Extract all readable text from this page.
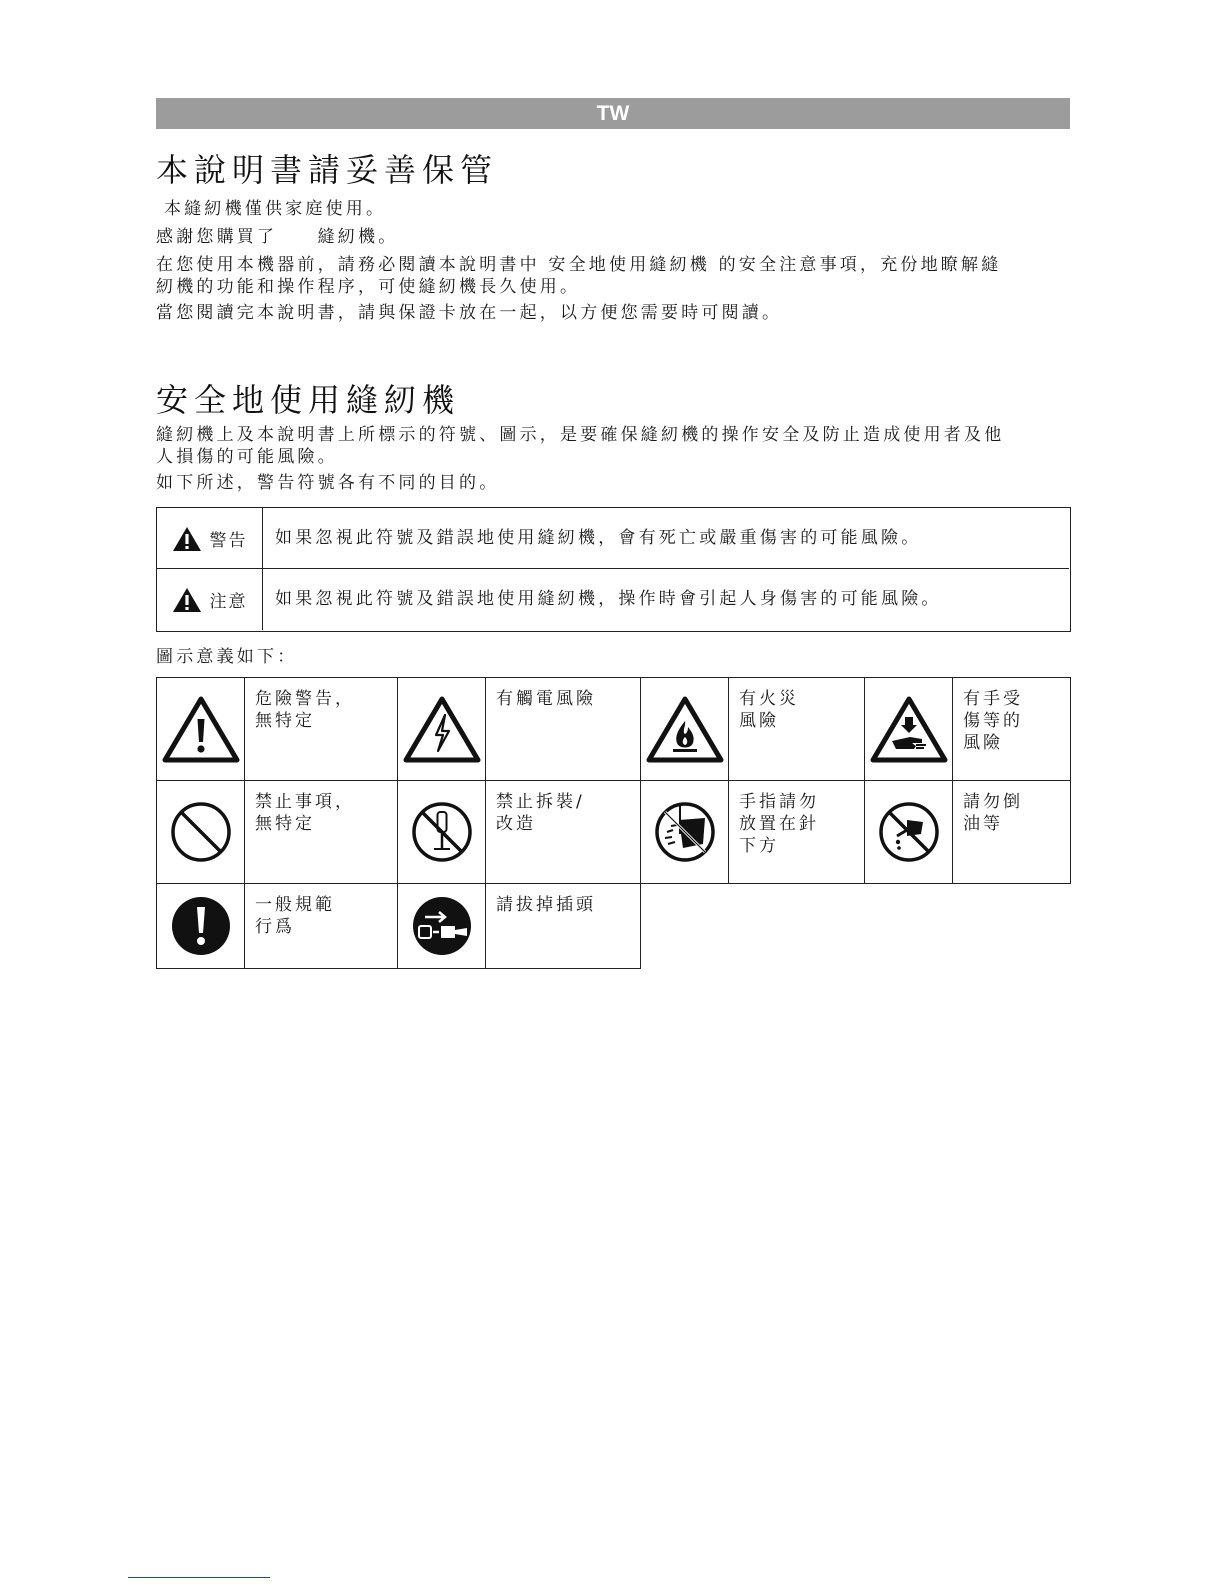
TW
本說明書請妥善保管
本縫紉機僅供家庭使用。
感謝您購買了　　縫紉機。
在您使用本機器前，請務必閱讀本說明書中 安全地使用縫紉機 的安全注意事項，充份地瞭解縫
紉機的功能和操作程序，可使縫紉機長久使用。
當您閱讀完本說明書，請與保證卡放在一起，以方便您需要時可閱讀。
安全地使用縫紉機
縫紉機上及本說明書上所標示的符號、圖示，是要確保縫紉機的操作安全及防止造成使用者及他
人損傷的可能風險。
如下所述，警告符號各有不同的目的。
警告 如果忽視此符號及錯誤地使用縫紉機，會有死亡或嚴重傷害的可能風險。
注意 如果忽視此符號及錯誤地使用縫紉機，操作時會引起人身傷害的可能風險。
圖示意義如下：
危險警告，
無特定
有觸電風險	有火災
風險
有手受
傷等的
風險
禁止事項，
無特定
禁止拆裝/
改造
手指請勿
放置在針
下方
請勿倒
油等
一般規範
行爲
請拔掉插頭
